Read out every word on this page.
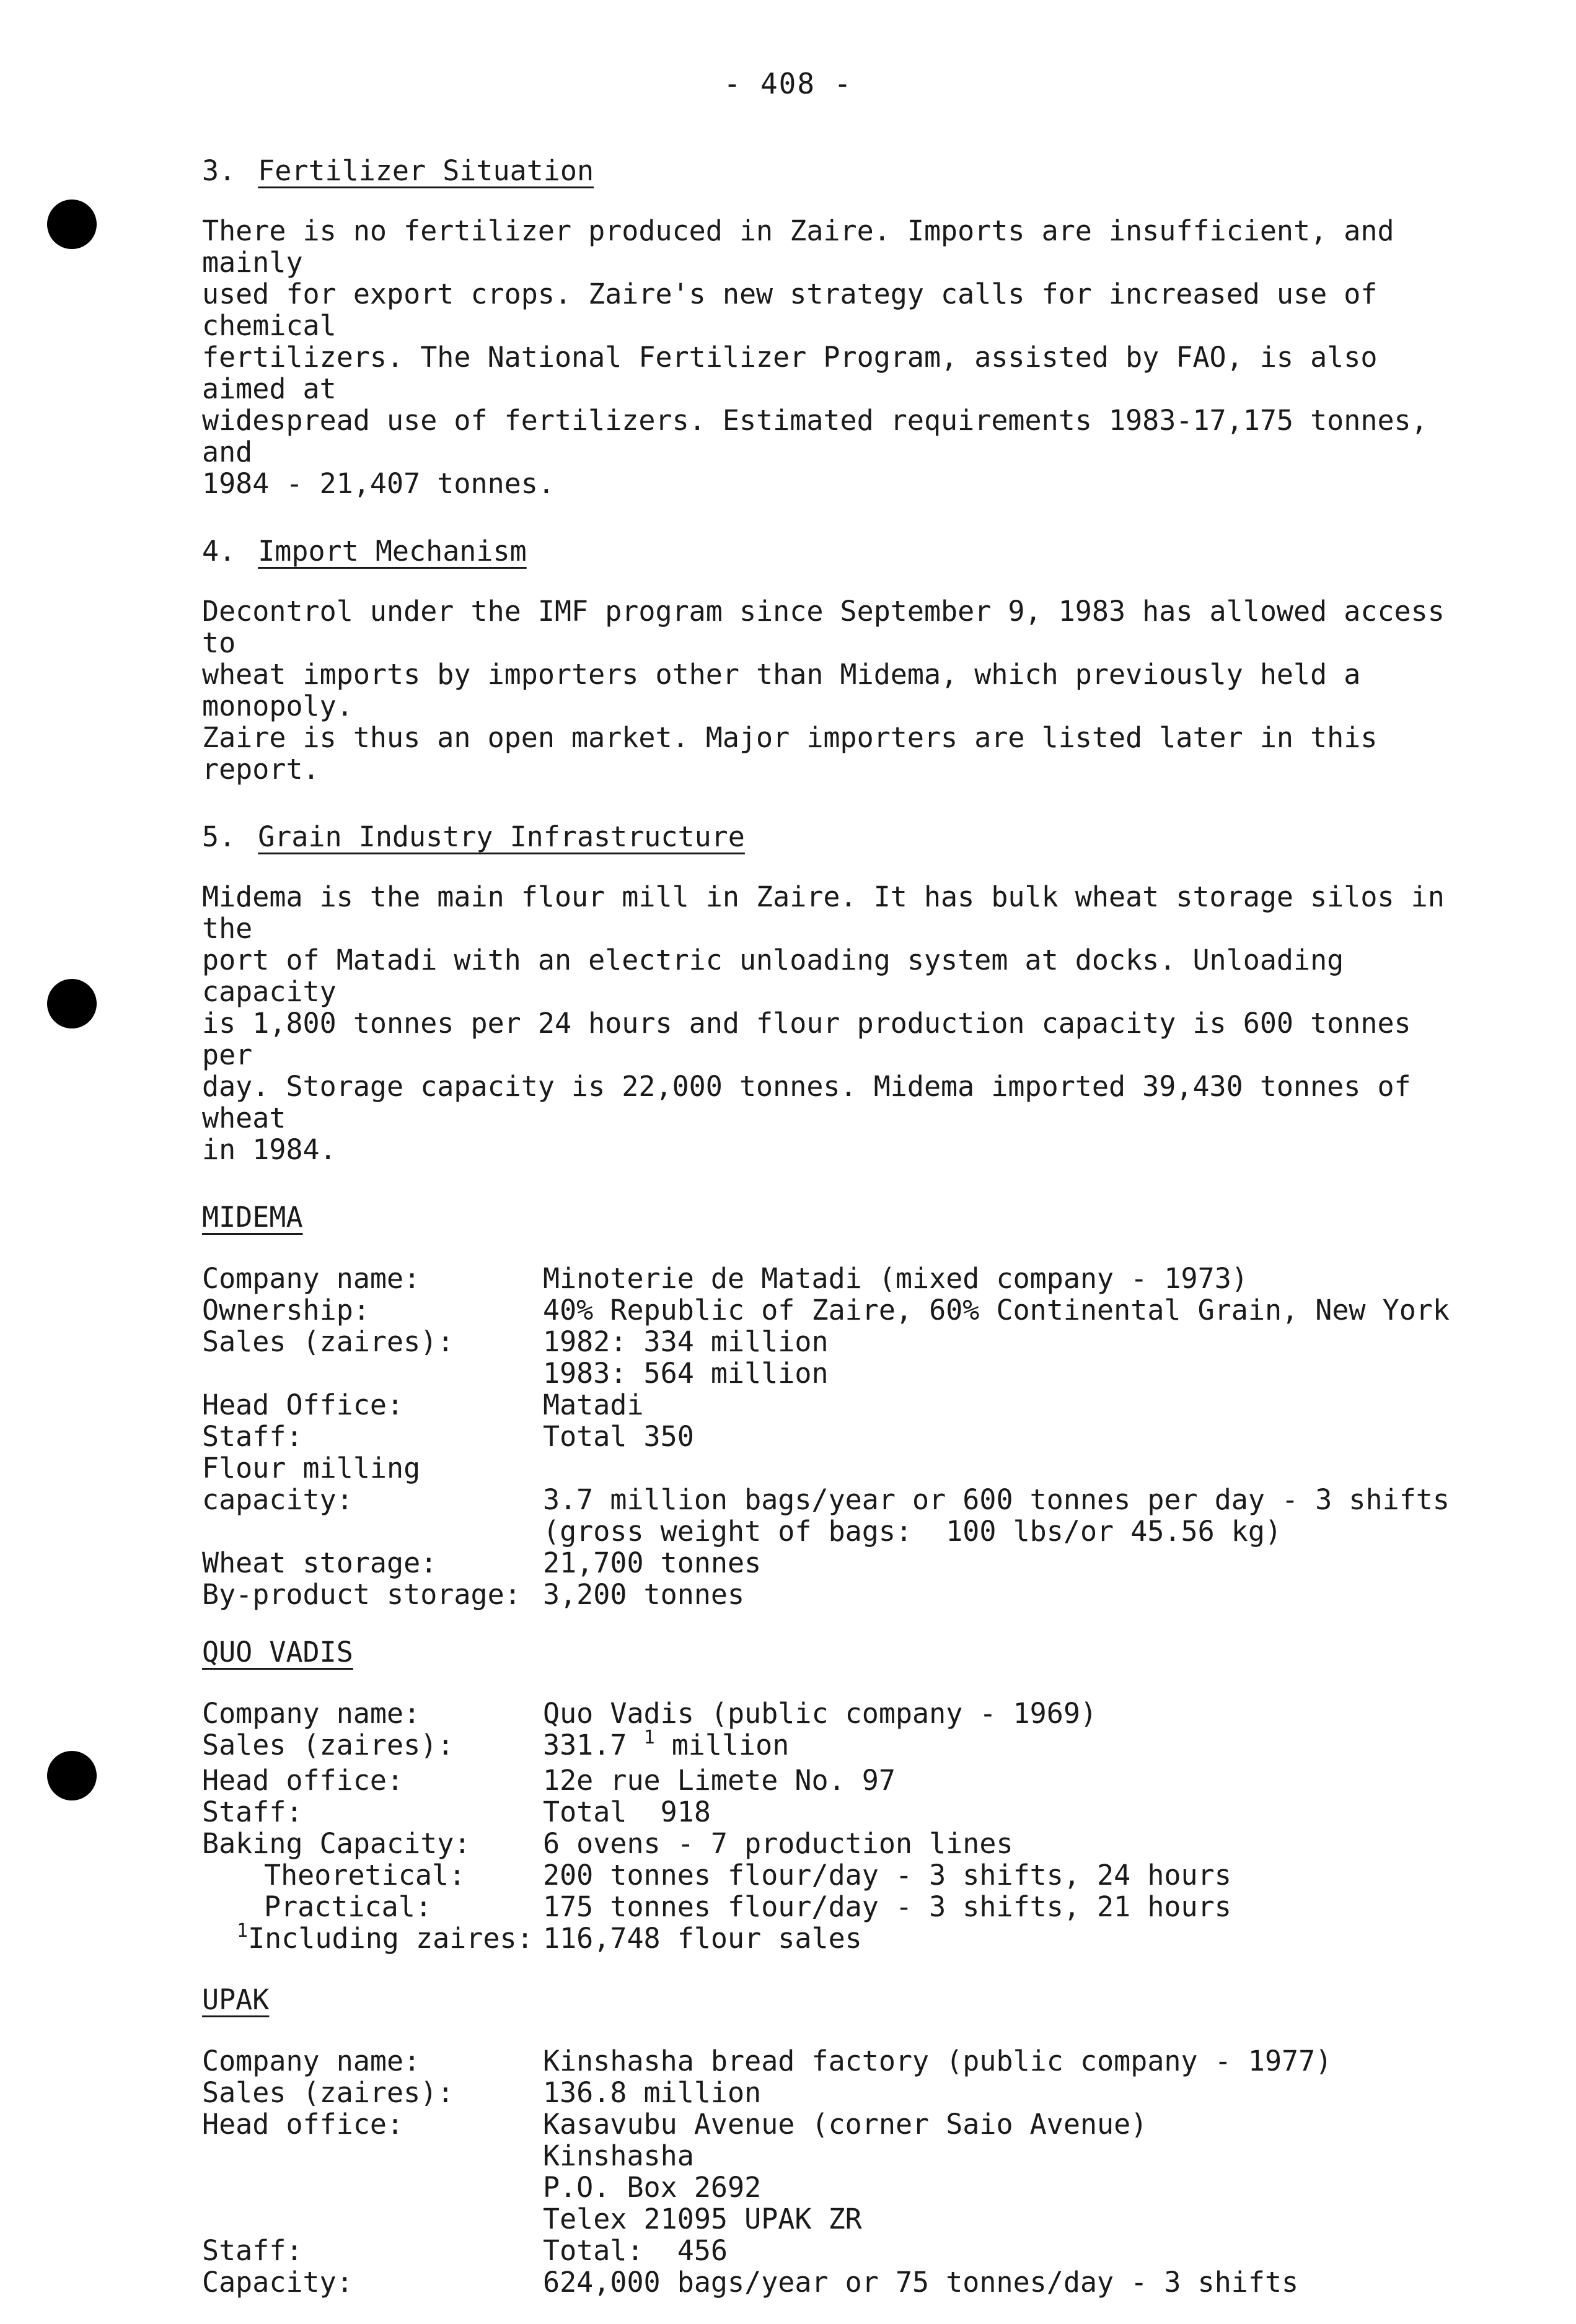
- 408 -
3. Fertilizer Situation

There is no fertilizer produced in Zaire. Imports are insufficient, and mainly
used for export crops. Zaire's new strategy calls for increased use of chemical
fertilizers. The National Fertilizer Program, assisted by FAO, is also aimed at
widespread use of fertilizers. Estimated requirements 1983-17,175 tonnes, and
1984 - 21,407 tonnes.

4. Import Mechanism

Decontrol under the IMF program since September 9, 1983 has allowed access to
wheat imports by importers other than Midema, which previously held a monopoly.
Zaire is thus an open market. Major importers are listed later in this report.

5. Grain Industry Infrastructure

Midema is the main flour mill in Zaire. It has bulk wheat storage silos in the
port of Matadi with an electric unloading system at docks. Unloading capacity
is 1,800 tonnes per 24 hours and flour production capacity is 600 tonnes per
day. Storage capacity is 22,000 tonnes. Midema imported 39,430 tonnes of wheat
in 1984.

MIDEMA
Company name:	Minoterie de Matadi (mixed company - 1973)
Ownership:	40% Republic of Zaire, 60% Continental Grain, New York
Sales (zaires):	1982: 334 million
1983: 564 million
Head Office:	Matadi
Staff:	Total 350
Flour milling
capacity:	3.7 million bags/year or 600 tonnes per day - 3 shifts
(gross weight of bags:  100 lbs/or 45.56 kg)
Wheat storage:	21,700 tonnes
By-product storage: 3,200 tonnes
QUO VADIS
Company name:	Quo Vadis (public company - 1969)
Sales (zaires):	331.7 $^1$ million
Head office:	12e rue Limete No. 97
Staff:	Total  918
Baking Capacity:	6 ovens - 7 production lines
Theoretical:	200 tonnes flour/day - 3 shifts, 24 hours
Practical:	175 tonnes flour/day - 3 shifts, 21 hours
$^1$Including zaires: 116,748 flour sales
UPAK
Company name:	Kinshasha bread factory (public company - 1977)
Sales (zaires):	136.8 million
Head office:	Kasavubu Avenue (corner Saio Avenue)
Kinshasha
P.O. Box 2692
Telex 21095 UPAK ZR
Staff:	Total:  456
Capacity:	624,000 bags/year or 75 tonnes/day - 3 shifts
